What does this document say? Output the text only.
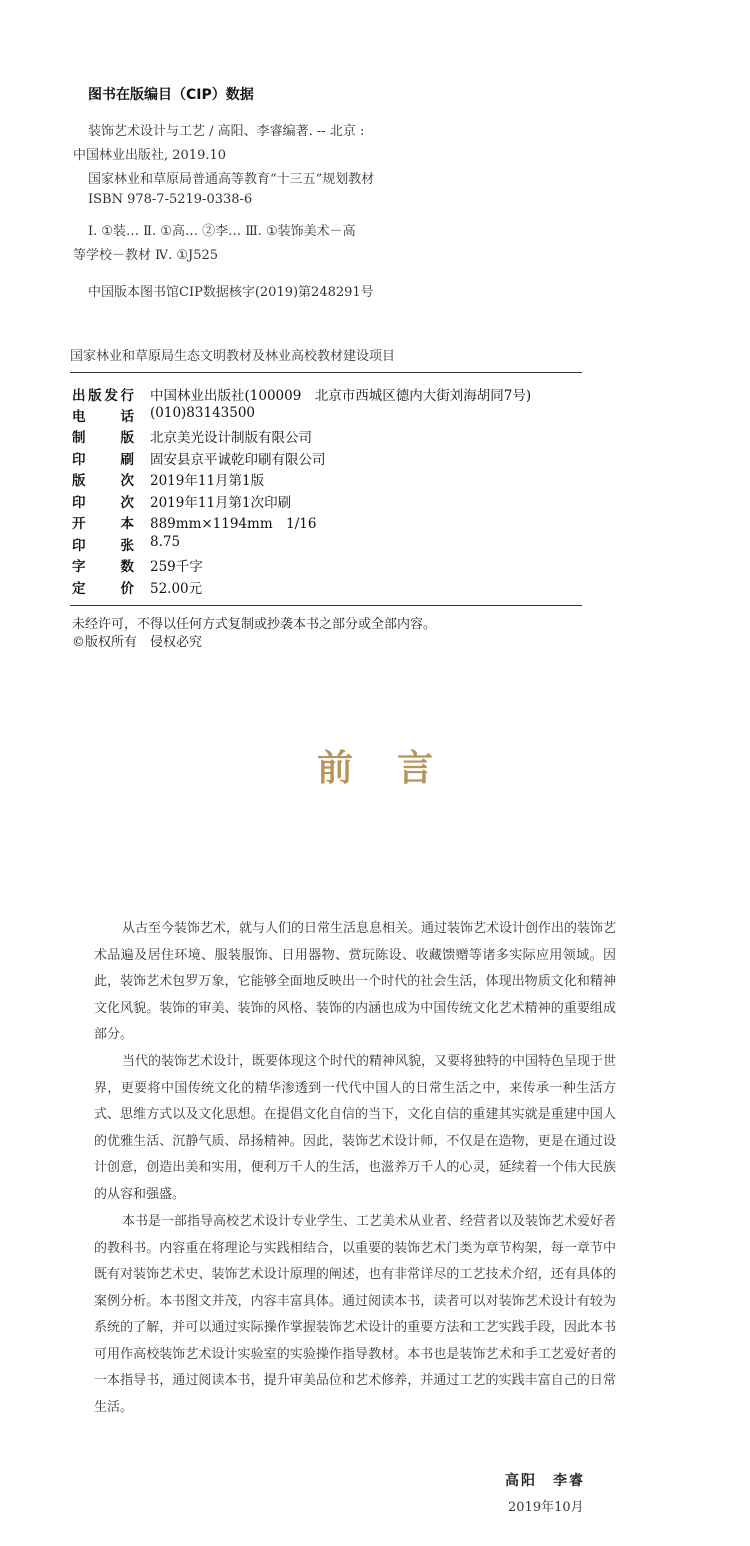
图书在版编目（CIP）数据
装饰艺术设计与工艺 / 高阳、李睿编著. -- 北京 :
中国林业出版社, 2019.10
国家林业和草原局普通高等教育“十三五”规划教材
ISBN 978-7-5219-0338-6
Ⅰ. ①装… Ⅱ. ①高… ②李… Ⅲ. ①装饰美术－高
等学校－教材 Ⅳ. ①J525
中国版本图书馆CIP数据核字(2019)第248291号
国家林业和草原局生态文明教材及林业高校教材建设项目
出版发行 中国林业出版社(100009　北京市西城区德内大街刘海胡同7号)
电　话 (010)83143500
制　版 北京美光设计制版有限公司
印　刷 固安县京平诚乾印刷有限公司
版　次 2019年11月第1版
印　次 2019年11月第1次印刷
开　本 889mm×1194mm　1/16
印　张 8.75
字　数 259千字
定　价 52.00元
未经许可，不得以任何方式复制或抄袭本书之部分或全部内容。
©版权所有　侵权必究
前言

从古至今装饰艺术，就与人们的日常生活息息相关。通过装饰艺术设计创作出的装饰艺术品遍及居住环境、服装服饰、日用器物、赏玩陈设、收藏馈赠等诸多实际应用领域。因此，装饰艺术包罗万象，它能够全面地反映出一个时代的社会生活，体现出物质文化和精神文化风貌。装饰的审美、装饰的风格、装饰的内涵也成为中国传统文化艺术精神的重要组成部分。

当代的装饰艺术设计，既要体现这个时代的精神风貌，又要将独特的中国特色呈现于世界，更要将中国传统文化的精华渗透到一代代中国人的日常生活之中，来传承一种生活方式、思维方式以及文化思想。在提倡文化自信的当下，文化自信的重建其实就是重建中国人的优雅生活、沉静气质、昂扬精神。因此，装饰艺术设计师，不仅是在造物，更是在通过设计创意，创造出美和实用，便利万千人的生活，也滋养万千人的心灵，延续着一个伟大民族的从容和强盛。

本书是一部指导高校艺术设计专业学生、工艺美术从业者、经营者以及装饰艺术爱好者的教科书。内容重在将理论与实践相结合，以重要的装饰艺术门类为章节构架，每一章节中既有对装饰艺术史、装饰艺术设计原理的阐述，也有非常详尽的工艺技术介绍，还有具体的案例分析。本书图文并茂，内容丰富具体。通过阅读本书，读者可以对装饰艺术设计有较为系统的了解，并可以通过实际操作掌握装饰艺术设计的重要方法和工艺实践手段，因此本书可用作高校装饰艺术设计实验室的实验操作指导教材。本书也是装饰艺术和手工艺爱好者的一本指导书，通过阅读本书，提升审美品位和艺术修养，并通过工艺的实践丰富自己的日常生活。

高阳　李睿
2019年10月
